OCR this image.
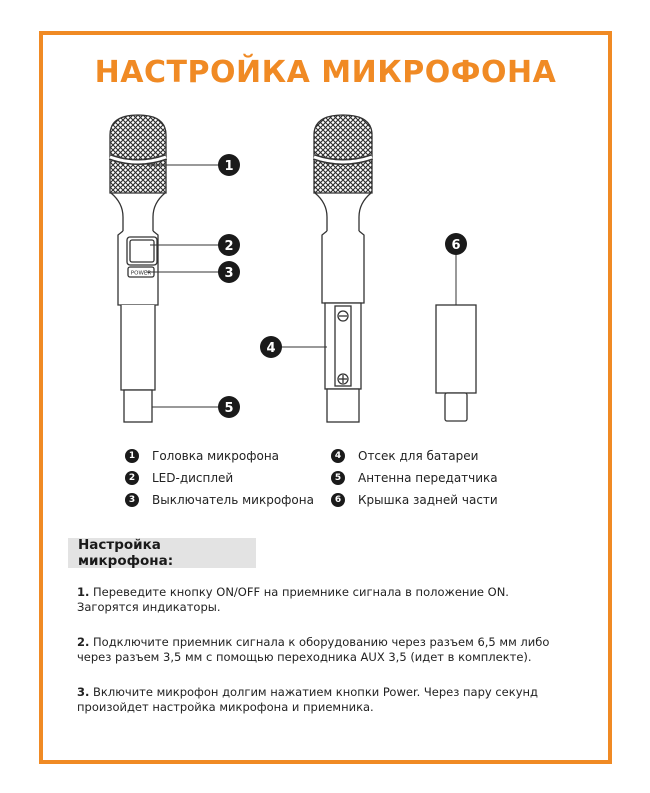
НАСТРОЙКА МИКРОФОНА
POWER
1
2
3
4
5
6
1	Головка микрофона
2	LED-дисплей
3	Выключатель микрофона
4	Отсек для батареи
5	Антенна передатчика
6	Крышка задней части
Настройка микрофона:

1. Переведите кнопку ON/OFF на приемнике сигнала в положение ON. Загорятся индикаторы.

2. Подключите приемник сигнала к оборудованию через разъем 6,5 мм либо через разъем 3,5 мм с помощью переходника AUX 3,5 (идет в комплекте).

3. Включите микрофон долгим нажатием кнопки Power. Через пару секунд произойдет настройка микрофона и приемника.
